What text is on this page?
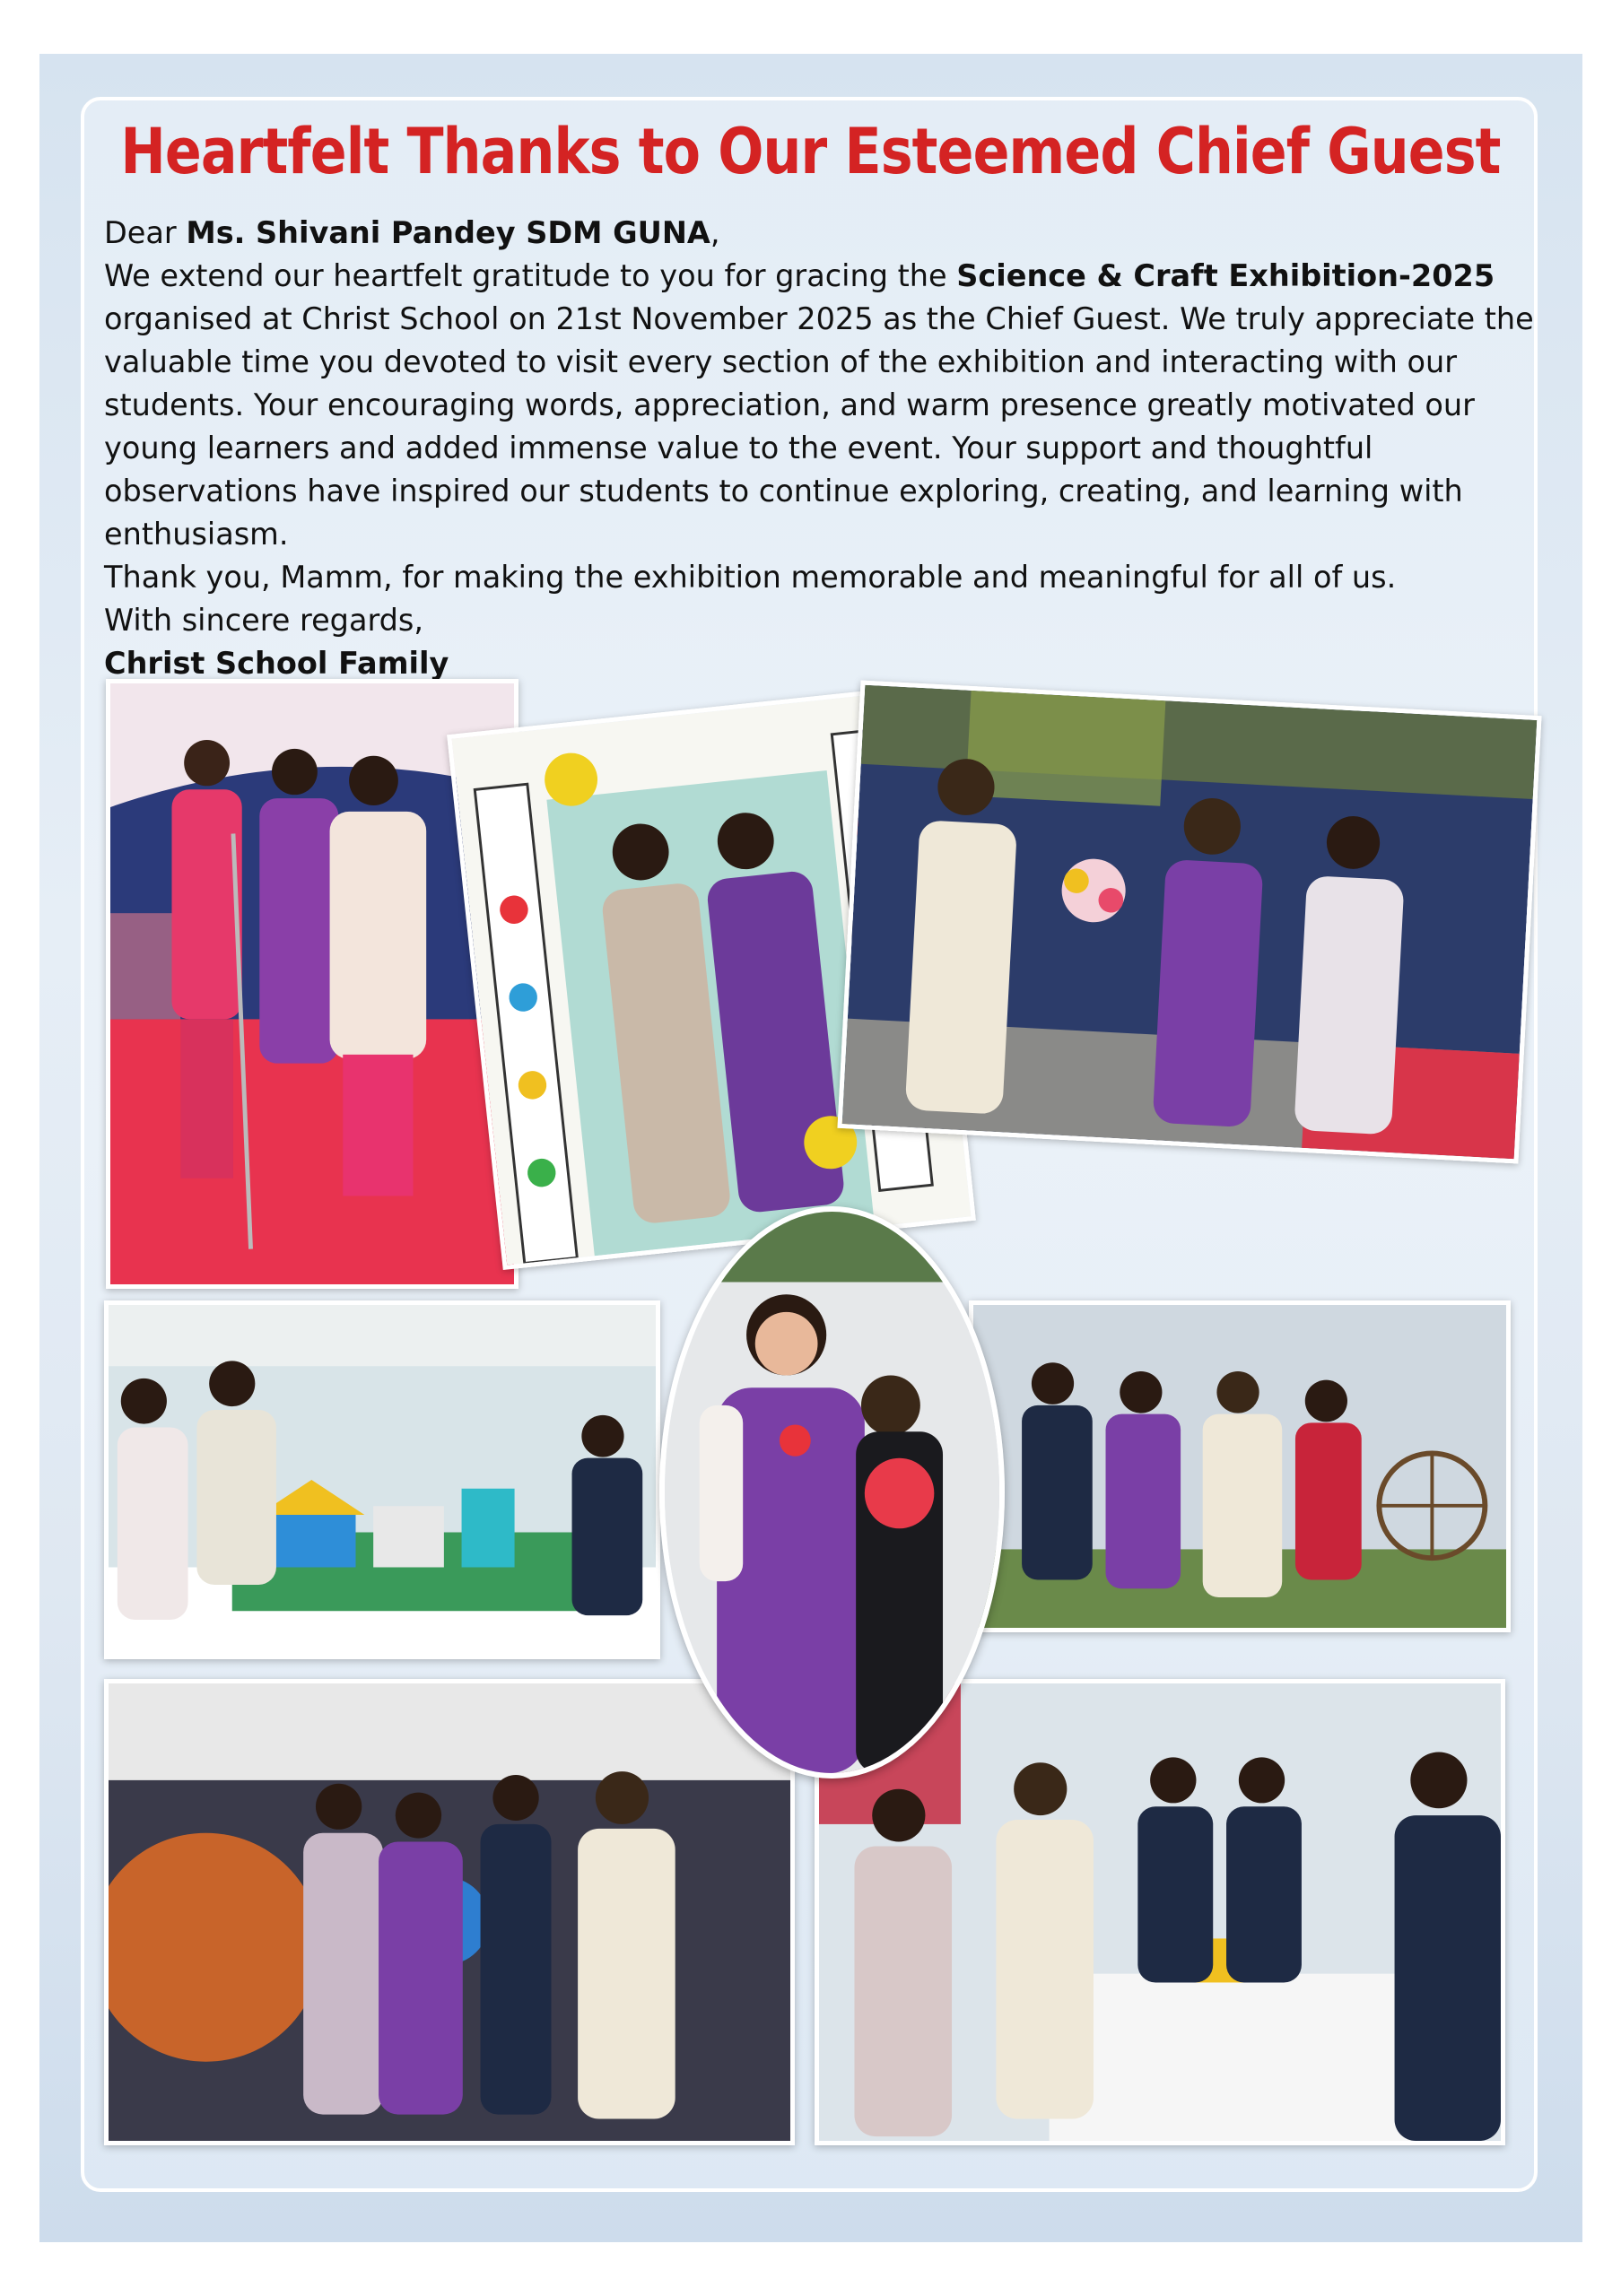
Heartfelt Thanks to Our Esteemed Chief Guest

Dear Ms. Shivani Pandey SDM GUNA,

We extend our heartfelt gratitude to you for gracing the Science & Craft Exhibition-2025 organised at Christ School on 21st November 2025 as the Chief Guest. We truly appreciate the valuable time you devoted to visit every section of the exhibition and interacting with our students. Your encouraging words, appreciation, and warm presence greatly motivated our young learners and added immense value to the event. Your support and thoughtful observations have inspired our students to continue exploring, creating, and learning with enthusiasm.

Thank you, Mamm, for making the exhibition memorable and meaningful for all of us.

With sincere regards,

Christ School Family
